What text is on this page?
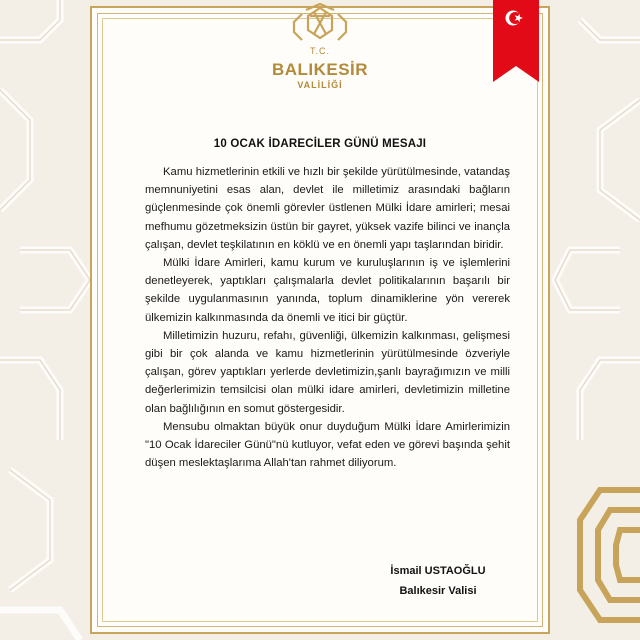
T.C.
BALIKESİR
VALİLİĞİ
10 OCAK İDARECİLER GÜNÜ MESAJI

Kamu hizmetlerinin etkili ve hızlı bir şekilde yürütülmesinde, vatandaş memnuniyetini esas alan, devlet ile milletimiz arasındaki bağların güçlenmesinde çok önemli görevler üstlenen Mülki İdare amirleri; mesai mefhumu gözetmeksizin üstün bir gayret, yüksek vazife bilinci ve inançla çalışan, devlet teşkilatının en köklü ve en önemli yapı taşlarından biridir.

Mülki İdare Amirleri, kamu kurum ve kuruluşlarının iş ve işlemlerini denetleyerek, yaptıkları çalışmalarla devlet politikalarının başarılı bir şekilde uygulanmasının yanında, toplum dinamiklerine yön vererek ülkemizin kalkınmasında da önemli ve itici bir güçtür.

Milletimizin huzuru, refahı, güvenliği, ülkemizin kalkınması, gelişmesi gibi bir çok alanda ve kamu hizmetlerinin yürütülmesinde özveriyle çalışan, görev yaptıkları yerlerde devletimizin,şanlı bayrağımızın ve milli değerlerimizin temsilcisi olan mülki idare amirleri, devletimizin milletine olan bağlılığının en somut göstergesidir.

Mensubu olmaktan büyük onur duyduğum Mülki İdare Amirlerimizin "10 Ocak İdareciler Günü"nü kutluyor, vefat eden ve görevi başında şehit düşen meslektaşlarıma Allah'tan rahmet diliyorum.

İsmail USTAOĞLU
Balıkesir Valisi
